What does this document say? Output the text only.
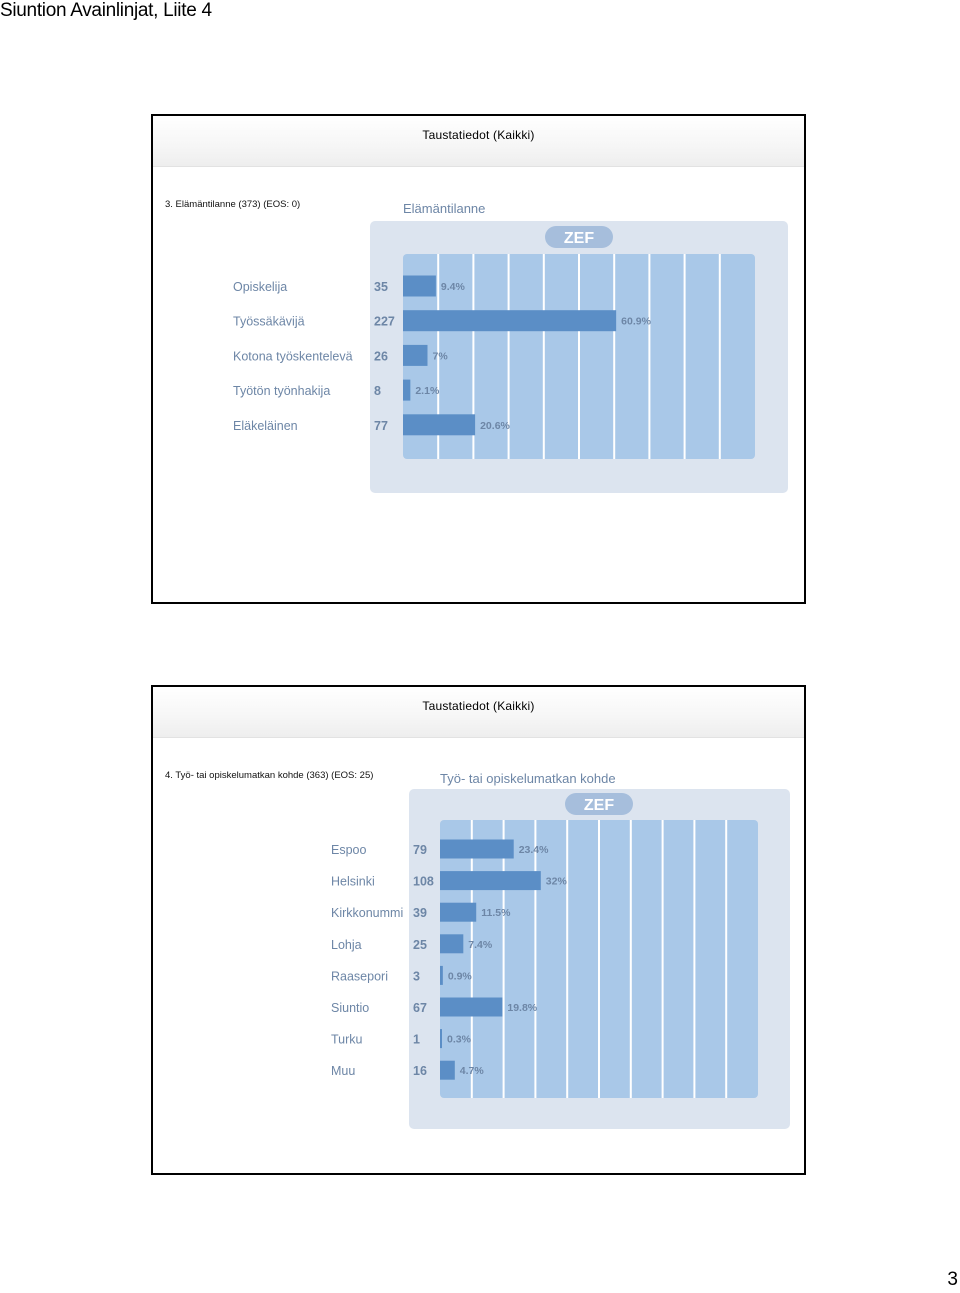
Siuntion Avainlinjat, Liite 4
Taustatiedot (Kaikki)
3. Elämäntilanne (373) (EOS: 0)	Elämäntilanne
ZEF
Opiskelija	35	9.4%
Työssäkävijä	227	60.9%
Kotona työskentelevä 26	7%
Työtön työnhakija	8	2.1%
Eläkeläinen	77	20.6%
Taustatiedot (Kaikki)
4. Työ- tai opiskelumatkan kohde (363) (EOS: 25)	Työ- tai opiskelumatkan kohde
ZEF
Espoo	79	23.4%
Helsinki	108	32%
Kirkkonummi 39	11.5%
Lohja	25	7.4%
Raasepori 3	0.9%
Siuntio	67	19.8%
Turku	1	0.3%
Muu	16	4.7%
3
